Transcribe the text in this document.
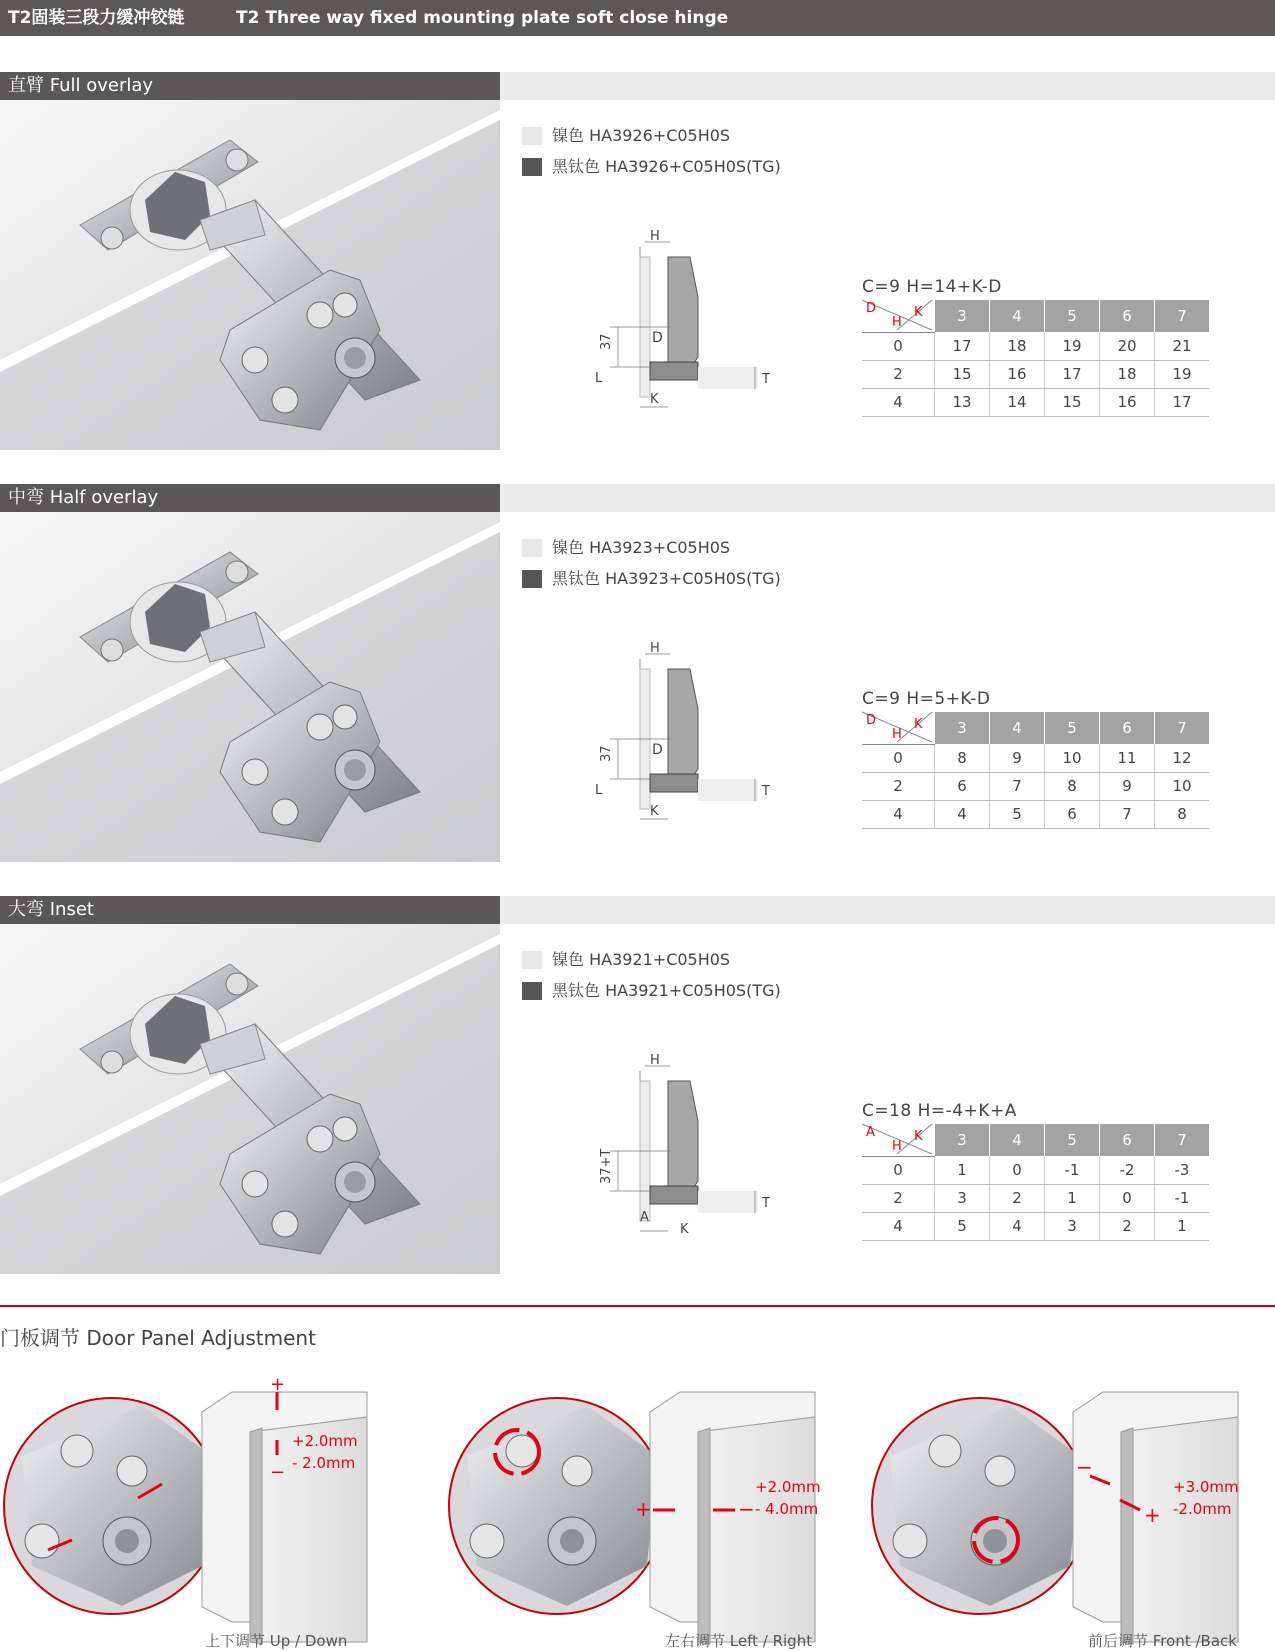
T2固装三段力缓冲铰链	T2 Three way fixed mounting plate soft close hinge
直臂 Full overlay
镍色 HA3926+C05H0S
黑钛色 HA3926+C05H0S(TG)
H
D
37
L	T
K
C=9 H=14+K-D
D
H
K	3	4	5	6	7
0	17	18	19	20	21
2	15	16	17	18	19
4	13	14	15	16	17
中弯 Half overlay
镍色 HA3923+C05H0S
黑钛色 HA3923+C05H0S(TG)
H
D
37
L	T
K
C=9 H=5+K-D
D
H
K	3	4	5	6	7
0	8	9	10	11	12
2	6	7	8	9	10
4	4	5	6	7	8
大弯 Inset
镍色 HA3921+C05H0S
黑钛色 HA3921+C05H0S(TG)
H
37+T
A
T
K
C=18 H=-4+K+A
A
H
K	3	4	5	6	7
0	1	0	-1	-2	-3
2	3	2	1	0	-1
4	5	4	3	2	1
门板调节 Door Panel Adjustment
+
−
+2.0mm
- 2.0mm
上下调节 Up / Down
+	−
+2.0mm
- 4.0mm
左右调节 Left / Right
−
+
+3.0mm
-2.0mm
前后调节 Front /Back
